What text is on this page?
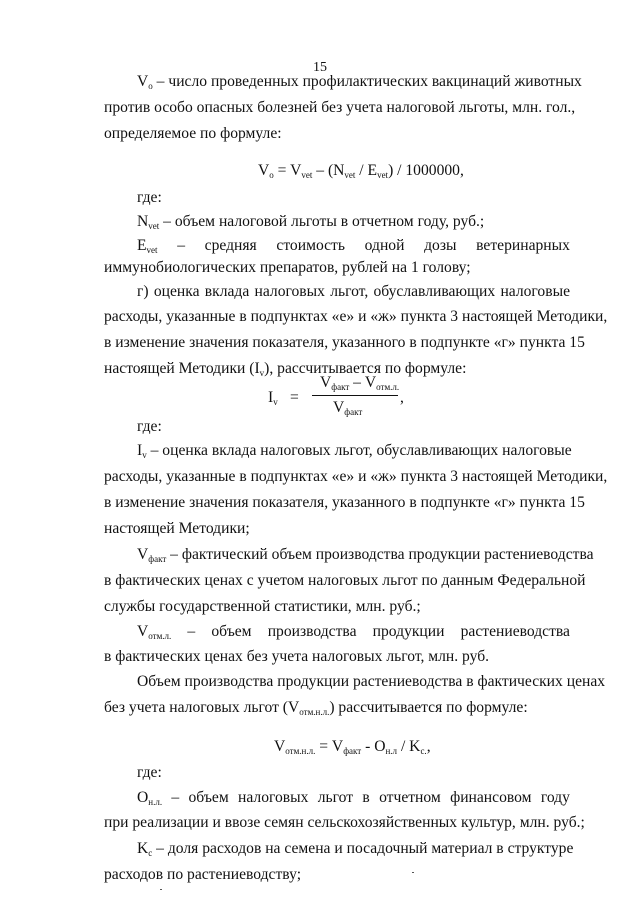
15
$V_o$ – число проведенных профилактических вакцинаций животных
против особо опасных болезней без учета налоговой льготы, млн. гол.,
определяемое по формуле:
$V_o = V_{vet} - (N_{vet} / E_{vet}) / 1000000$,
где:
$N_{vet}$ – объем налоговой льготы в отчетном году, руб.;
$E_{vet}$ – средняя стоимость одной дозы ветеринарных
иммунобиологических препаратов, рублей на 1 голову;
г) оценка вклада налоговых льгот, обуславливающих налоговые
расходы, указанные в подпунктах «е» и «ж» пункта 3 настоящей Методики,
в изменение значения показателя, указанного в подпункте «г» пункта 15
настоящей Методики $(I_v)$, рассчитывается по формуле:
$I_v$ =
$V_{факт} - V_{отм.л.}$
$V_{факт}$
,
где:
$I_v$ – оценка вклада налоговых льгот, обуславливающих налоговые
расходы, указанные в подпунктах «е» и «ж» пункта 3 настоящей Методики,
в изменение значения показателя, указанного в подпункте «г» пункта 15
настоящей Методики;
$V_{факт}$ – фактический объем производства продукции растениеводства
в фактических ценах с учетом налоговых льгот по данным Федеральной
службы государственной статистики, млн. руб.;
$V_{отм.л.}$ – объем производства продукции растениеводства
в фактических ценах без учета налоговых льгот, млн. руб.
Объем производства продукции растениеводства в фактических ценах
без учета налоговых льгот $(V_{отм.н.л.})$ рассчитывается по формуле:
$V_{отм.н.л.} = V_{факт} - O_{н.л} / K_{с.}$,
где:
$O_{н.л.}$ – объем налоговых льгот в отчетном финансовом году
при реализации и ввозе семян сельскохозяйственных культур, млн. руб.;
$K_с$ – доля расходов на семена и посадочный материал в структуре
расходов по растениеводству;
